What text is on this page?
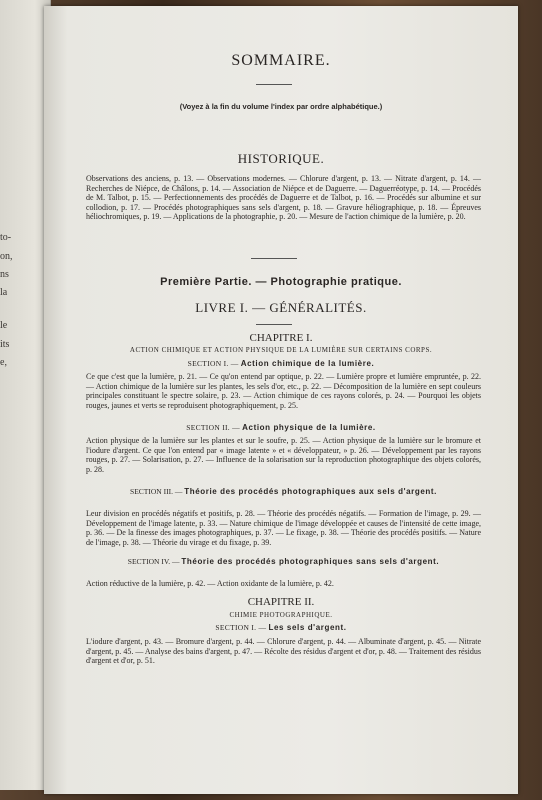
to-
on,
ns
la
le
its
e,
SOMMAIRE.
(Voyez à la fin du volume l'index par ordre alphabétique.)
HISTORIQUE.
Observations des anciens, p. 13. — Observations modernes. — Chlorure d'argent, p. 13. — Nitrate d'argent, p. 14. — Recherches de Niépce, de Châlons, p. 14. — Association de Niépce et de Daguerre. — Daguerréotype, p. 14. — Procédés de M. Talbot, p. 15. — Perfectionnements des procédés de Daguerre et de Talbot, p. 16. — Procédés sur albumine et sur collodion, p. 17. — Procédés photographiques sans sels d'argent, p. 18. — Gravure héliographique, p. 18. — Épreuves héliochromiques, p. 19. — Applications de la photographie, p. 20. — Mesure de l'action chimique de la lumière, p. 20.
Première Partie. — Photographie pratique.
LIVRE I. — GÉNÉRALITÉS.
CHAPITRE I.
ACTION CHIMIQUE ET ACTION PHYSIQUE DE LA LUMIÈRE SUR CERTAINS CORPS.
SECTION I. — Action chimique de la lumière.
Ce que c'est que la lumière, p. 21. — Ce qu'on entend par optique, p. 22. — Lumière propre et lumière empruntée, p. 22. — Action chimique de la lumière sur les plantes, les sels d'or, etc., p. 22. — Décomposition de la lumière en sept couleurs principales constituant le spectre solaire, p. 23. — Action chimique de ces rayons colorés, p. 24. — Pourquoi les objets rouges, jaunes et verts se reproduisent photographiquement, p. 25.
SECTION II. — Action physique de la lumière.
Action physique de la lumière sur les plantes et sur le soufre, p. 25. — Action physique de la lumière sur le bromure et l'iodure d'argent. Ce que l'on entend par « image latente » et « développateur, » p. 26. — Développement par les rayons rouges, p. 27. — Solarisation, p. 27. — Influence de la solarisation sur la reproduction photographique des objets colorés, p. 28.
SECTION III. — Théorie des procédés photographiques aux sels d'argent.
Leur division en procédés négatifs et positifs, p. 28. — Théorie des procédés négatifs. — Formation de l'image, p. 29. — Développement de l'image latente, p. 33. — Nature chimique de l'image développée et causes de l'intensité de cette image, p. 36. — De la finesse des images photographiques, p. 37. — Le fixage, p. 38. — Théorie des procédés positifs. — Nature de l'image, p. 38. — Théorie du virage et du fixage, p. 39.
SECTION IV. — Théorie des procédés photographiques sans sels d'argent.
Action réductive de la lumière, p. 42. — Action oxidante de la lumière, p. 42.
CHAPITRE II.
CHIMIE PHOTOGRAPHIQUE.
SECTION I. — Les sels d'argent.
L'iodure d'argent, p. 43. — Bromure d'argent, p. 44. — Chlorure d'argent, p. 44. — Albuminate d'argent, p. 45. — Nitrate d'argent, p. 45. — Analyse des bains d'argent, p. 47. — Récolte des résidus d'argent et d'or, p. 48. — Traitement des résidus d'argent et d'or, p. 51.
